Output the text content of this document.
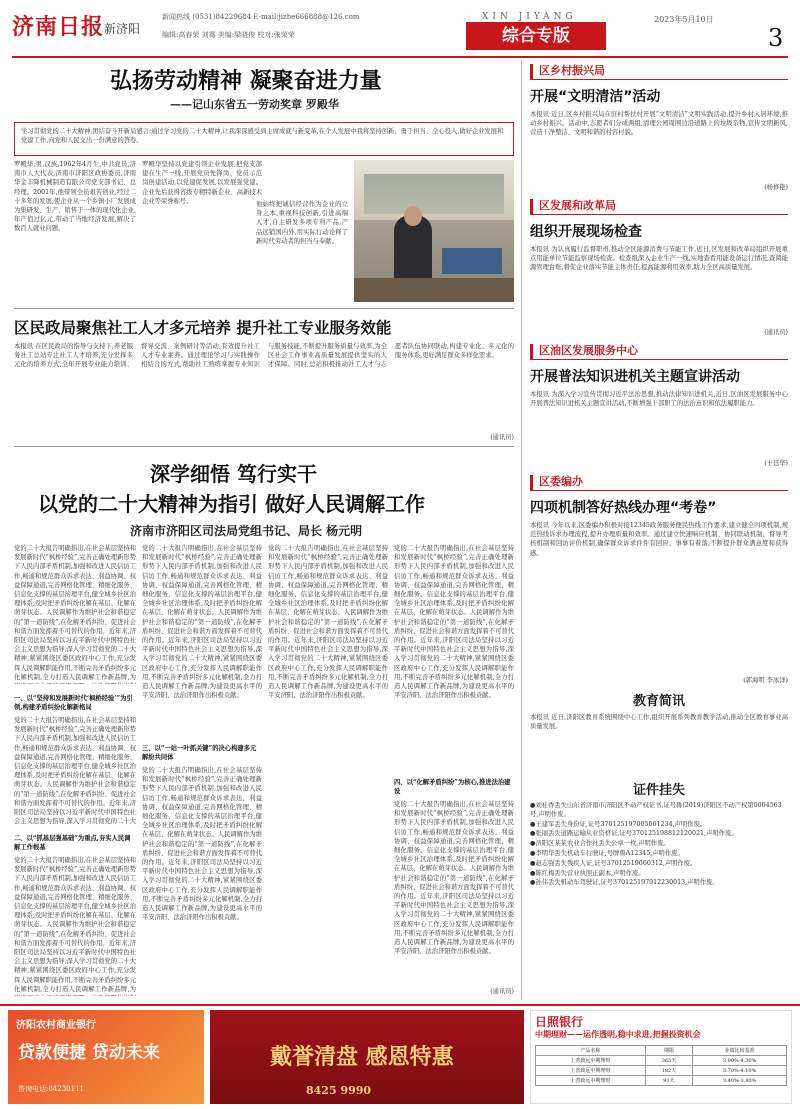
济南日报 新济阳
新闻热线 (0531)84229684 E-mail:jizhe666888@126.com
编辑:高春荣 刘骞 美编:梁晓俊 校对:张荣荣
XIN JIYANG	2023年5月10日
3
综合专版
弘扬劳动精神 凝聚奋进力量
——记山东省五一劳动奖章 罗殿华
学习贯彻党的二十大精神,团结奋斗开新局感言:通过学习党的二十大精神,让我深深感受到主席成就与新变革,在个人发展中我将坚持创新、勇于担当、全心投入,做好企业发展和党建工作,向党和人民交出一份满意的答卷。
罗殿华,男,汉族,1962年4月生,中共党员,济南市人大代表,济南市济阳区政协委员,济南华金丰降机械制造有限公司党支部书记、总经理。2001年,他带领全员艰苦创业,经过二十多年的发展,使企业从一个乡镇小厂发展成为集研发、生产、销售于一体的现代化企业,年产值过亿元,带动了当地经济发展,解决了数百人就业问题。
罗殿华坚持以党建引领企业发展,把党支部建在生产一线,开展党员先锋岗、党员示范岗创建活动,以党建促发展,以发展强党建。企业先后获得省级专精特新企业、高新技术企业等荣誉称号。	他始终把诚信经营作为企业的立身之本,重视科技创新,引进高端人才,自主研发多项专利产品,产品远销国内外,用实际行动诠释了新时代劳动者的担当与奉献。
区民政局聚焦社工人才多元培养 提升社工专业服务效能
本报讯 在区民政局的指导与支持下,养老服务社工总站专注社工人才培养,充分发挥多元化的培养方式,全年开展专业能力培训、督导交流、案例研讨等活动,有效提升社工人才专业素养。通过理论学习与实践操作相结合的方式,帮助社工熟练掌握专业知识与服务技能,不断提升服务质量与效率,为全区社会工作事业高质量发展提供坚实的人才保障。同时,总站积极推动社工人才与志愿者队伍协同联动,构建专业化、多元化的服务体系,更好满足群众多样化需求。
(通讯员)
深学细悟 笃行实干
以党的二十大精神为指引 做好人民调解工作
济南市济阳区司法局党组书记、局长 杨元明
党的二十大报告明确指出,在社会基层坚持和发展新时代“枫桥经验”,完善正确处理新形势下人民内部矛盾机制,加强和改进人民信访工作,畅通和规范群众诉求表达、利益协调、权益保障通道,完善网格化管理、精细化服务、信息化支撑的基层治理平台,健全城乡社区治理体系,及时把矛盾纠纷化解在基层、化解在萌芽状态。人民调解作为维护社会和谐稳定的“第一道防线”,在化解矛盾纠纷、促进社会和谐方面发挥着不可替代的作用。近年来,济阳区司法局坚持以习近平新时代中国特色社会主义思想为指导,深入学习贯彻党的二十大精神,紧紧围绕区委区政府中心工作,充分发挥人民调解职能作用,不断完善矛盾纠纷多元化解机制,全力打造人民调解工作新品牌,为
一、以“坚持和发展新时代‘枫桥经验’”为引领,构建矛盾纠纷化解新格局
党的二十大报告明确指出,在社会基层坚持和发展新时代“枫桥经验”,完善正确处理新形势下人民内部矛盾机制,加强和改进人民信访工作,畅通和规范群众诉求表达、利益协调、权益保障通道,完善网格化管理、精细化服务、信息化支撑的基层治理平台,健全城乡社区治理体系,及时把矛盾纠纷化解在基层、化解在萌芽状态。人民调解作为维护社会和谐稳定的“第一道防线”,在化解矛盾纠纷、促进社会和谐方面发挥着不可替代的作用。近年来,济阳区司法局坚持以习近平新时代中国特色社会主义思想为指导,深入学习贯彻党的二十大
二、以“抓基层强基础”为重点,夯实人民调解工作根基
党的二十大报告明确指出,在社会基层坚持和发展新时代“枫桥经验”,完善正确处理新形势下人民内部矛盾机制,加强和改进人民信访工作,畅通和规范群众诉求表达、利益协调、权益保障通道,完善网格化管理、精细化服务、信息化支撑的基层治理平台,健全城乡社区治理体系,及时把矛盾纠纷化解在基层、化解在萌芽状态。人民调解作为维护社会和谐稳定的“第一道防线”,在化解矛盾纠纷、促进社会和谐方面发挥着不可替代的作用。近年来,济阳区司法局坚持以习近平新时代中国特色社会主义思想为指导,深入学习贯彻党的二十大精神,紧紧围绕区委区政府中心工作,充分发挥人民调解职能作用,不断完善矛盾纠纷多元化解机制,全力打造人民调解工作新品牌,为
党的二十大报告明确指出,在社会基层坚持和发展新时代“枫桥经验”,完善正确处理新形势下人民内部矛盾机制,加强和改进人民信访工作,畅通和规范群众诉求表达、利益协调、权益保障通道,完善网格化管理、精细化服务、信息化支撑的基层治理平台,健全城乡社区治理体系,及时把矛盾纠纷化解在基层、化解在萌芽状态。人民调解作为维护社会和谐稳定的“第一道防线”,在化解矛盾纠纷、促进社会和谐方面发挥着不可替代的作用。近年来,济阳区司法局坚持以习近平新时代中国特色社会主义思想为指导,深入学习贯彻党的二十大精神,紧紧围绕区委区政府中心工作,充分发挥人民调解职能作用,不断完善矛盾纠纷多元化解机制,全力打造人民调解工作新品牌,为建设更高水平的平安济阳、法治济阳作出积极贡献。
三、以“一站一叶抓关键”的决心构建多元解纷共同体
党的二十大报告明确指出,在社会基层坚持和发展新时代“枫桥经验”,完善正确处理新形势下人民内部矛盾机制,加强和改进人民信访工作,畅通和规范群众诉求表达、利益协调、权益保障通道,完善网格化管理、精细化服务、信息化支撑的基层治理平台,健全城乡社区治理体系,及时把矛盾纠纷化解在基层、化解在萌芽状态。人民调解作为维护社会和谐稳定的“第一道防线”,在化解矛盾纠纷、促进社会和谐方面发挥着不可替代的作用。近年来,济阳区司法局坚持以习近平新时代中国特色社会主义思想为指导,深入学习贯彻党的二十大精神,紧紧围绕区委区政府中心工作,充分发挥人民调解职能作用,不断完善矛盾纠纷多元化解机制,全力打造人民调解工作新品牌,为建设更高水平的平安济阳、法治济阳作出积极贡献。
党的二十大报告明确指出,在社会基层坚持和发展新时代“枫桥经验”,完善正确处理新形势下人民内部矛盾机制,加强和改进人民信访工作,畅通和规范群众诉求表达、利益协调、权益保障通道,完善网格化管理、精细化服务、信息化支撑的基层治理平台,健全城乡社区治理体系,及时把矛盾纠纷化解在基层、化解在萌芽状态。人民调解作为维护社会和谐稳定的“第一道防线”,在化解矛盾纠纷、促进社会和谐方面发挥着不可替代的作用。近年来,济阳区司法局坚持以习近平新时代中国特色社会主义思想为指导,深入学习贯彻党的二十大精神,紧紧围绕区委区政府中心工作,充分发挥人民调解职能作用,不断完善矛盾纠纷多元化解机制,全力打造人民调解工作新品牌,为建设更高水平的平安济阳、法治济阳作出积极贡献。
党的二十大报告明确指出,在社会基层坚持和发展新时代“枫桥经验”,完善正确处理新形势下人民内部矛盾机制,加强和改进人民信访工作,畅通和规范群众诉求表达、利益协调、权益保障通道,完善网格化管理、精细化服务、信息化支撑的基层治理平台,健全城乡社区治理体系,及时把矛盾纠纷化解在基层、化解在萌芽状态。人民调解作为维护社会和谐稳定的“第一道防线”,在化解矛盾纠纷、促进社会和谐方面发挥着不可替代的作用。近年来,济阳区司法局坚持以习近平新时代中国特色社会主义思想为指导,深入学习贯彻党的二十大精神,紧紧围绕区委区政府中心工作,充分发挥人民调解职能作用,不断完善矛盾纠纷多元化解机制,全力打造人民调解工作新品牌,为建设更高水平的平安济阳、法治济阳作出积极贡献。
四、以“化解矛盾纠纷”为核心,推进法治建设
党的二十大报告明确指出,在社会基层坚持和发展新时代“枫桥经验”,完善正确处理新形势下人民内部矛盾机制,加强和改进人民信访工作,畅通和规范群众诉求表达、利益协调、权益保障通道,完善网格化管理、精细化服务、信息化支撑的基层治理平台,健全城乡社区治理体系,及时把矛盾纠纷化解在基层、化解在萌芽状态。人民调解作为维护社会和谐稳定的“第一道防线”,在化解矛盾纠纷、促进社会和谐方面发挥着不可替代的作用。近年来,济阳区司法局坚持以习近平新时代中国特色社会主义思想为指导,深入学习贯彻党的二十大精神,紧紧围绕区委区政府中心工作,充分发挥人民调解职能作用,不断完善矛盾纠纷多元化解机制,全力打造人民调解工作新品牌,为建设更高水平的平安济阳、法治济阳作出积极贡献。
(通讯员)
区乡村振兴局
开展“文明清洁”活动
本报讯 近日,区乡村振兴局在驻村帮扶村开展“文明清洁”文明实践活动,提升乡村人居环境,推动乡村振兴。活动中,志愿者们分成两组,清理公园周围边沿道路上的垃圾杂物,宣传文明新风,营造干净整洁、文明和谐的村容村貌。
(杨修艳)
区发展和改革局
组织开展现场检查
本报讯 为认真履行监督职责,推动全区能源消费与节能工作,近日,区发展和改革局组织开展重点用能单位节能监察现场检查。检查组深入企业生产一线,实地查看用能设备运行情况,查阅能源管理台账,督促企业落实节能主体责任,提高能源利用效率,助力全区高质量发展。
(通讯员)
区油区发展服务中心
开展普法知识进机关主题宣讲活动
本报讯 为深入学习宣传贯彻习近平法治思想,推动法律知识进机关,近日,区油区发展服务中心开展普法知识进机关主题宣讲活动,不断增强干部职工的法治意识和依法履职能力。
(王廷华)
区委编办
四项机制答好热线办理“考卷”
本报讯 今年以来,区委编办积极对接12345政务服务便民热线工作要求,建立健全四项机制,规范热线诉求办理流程,提升办理质量和效率。通过建立快速响应机制、协同联动机制、督导考核机制和回访评价机制,确保群众诉求件件有回应、事事有着落,不断提升群众满意度和获得感。
(郭海明 李冰洋)
教育简讯
本报讯 近日,济阳区教育系统围绕中心工作,组织开展系列教育教学活动,推动全区教育事业高质量发展。
证件挂失
●刘桂香丢失山东省济南市济阳区不动产权证书,证号鲁(2019)济阳区不动产权第0004563号,声明作废。
●王建军丢失身份证,证号370125197005061234,声明作废。
●张丽丢失道路运输从业资格证,证号370125198812120021,声明作废。
●济阳区某某农业合作社丢失公章一枚,声明作废。
●李明华丢失机动车行驶证,号牌鲁A12345,声明作废。
●赵志强丢失残疾人证,证号37012519660312,声明作废。
●陈红梅丢失营业执照正副本,声明作废。
●孙伟丢失机动车驾驶证,证号370125197912230013,声明作废。
济阳农村商业银行
贷款便捷 贷动未来
咨询电话:84230111
戴誉清盘 感恩特惠
8425 9990
日照银行
中期理财——运作透明,稳中求进,把握投资机会
产品名称	期限	业绩比较基准
上善致远中期理财	365天	3.90%-4.30%
上善致远中期理财	182天	3.70%-4.10%
上善致远中期理财	91天	3.40%-3.80%
